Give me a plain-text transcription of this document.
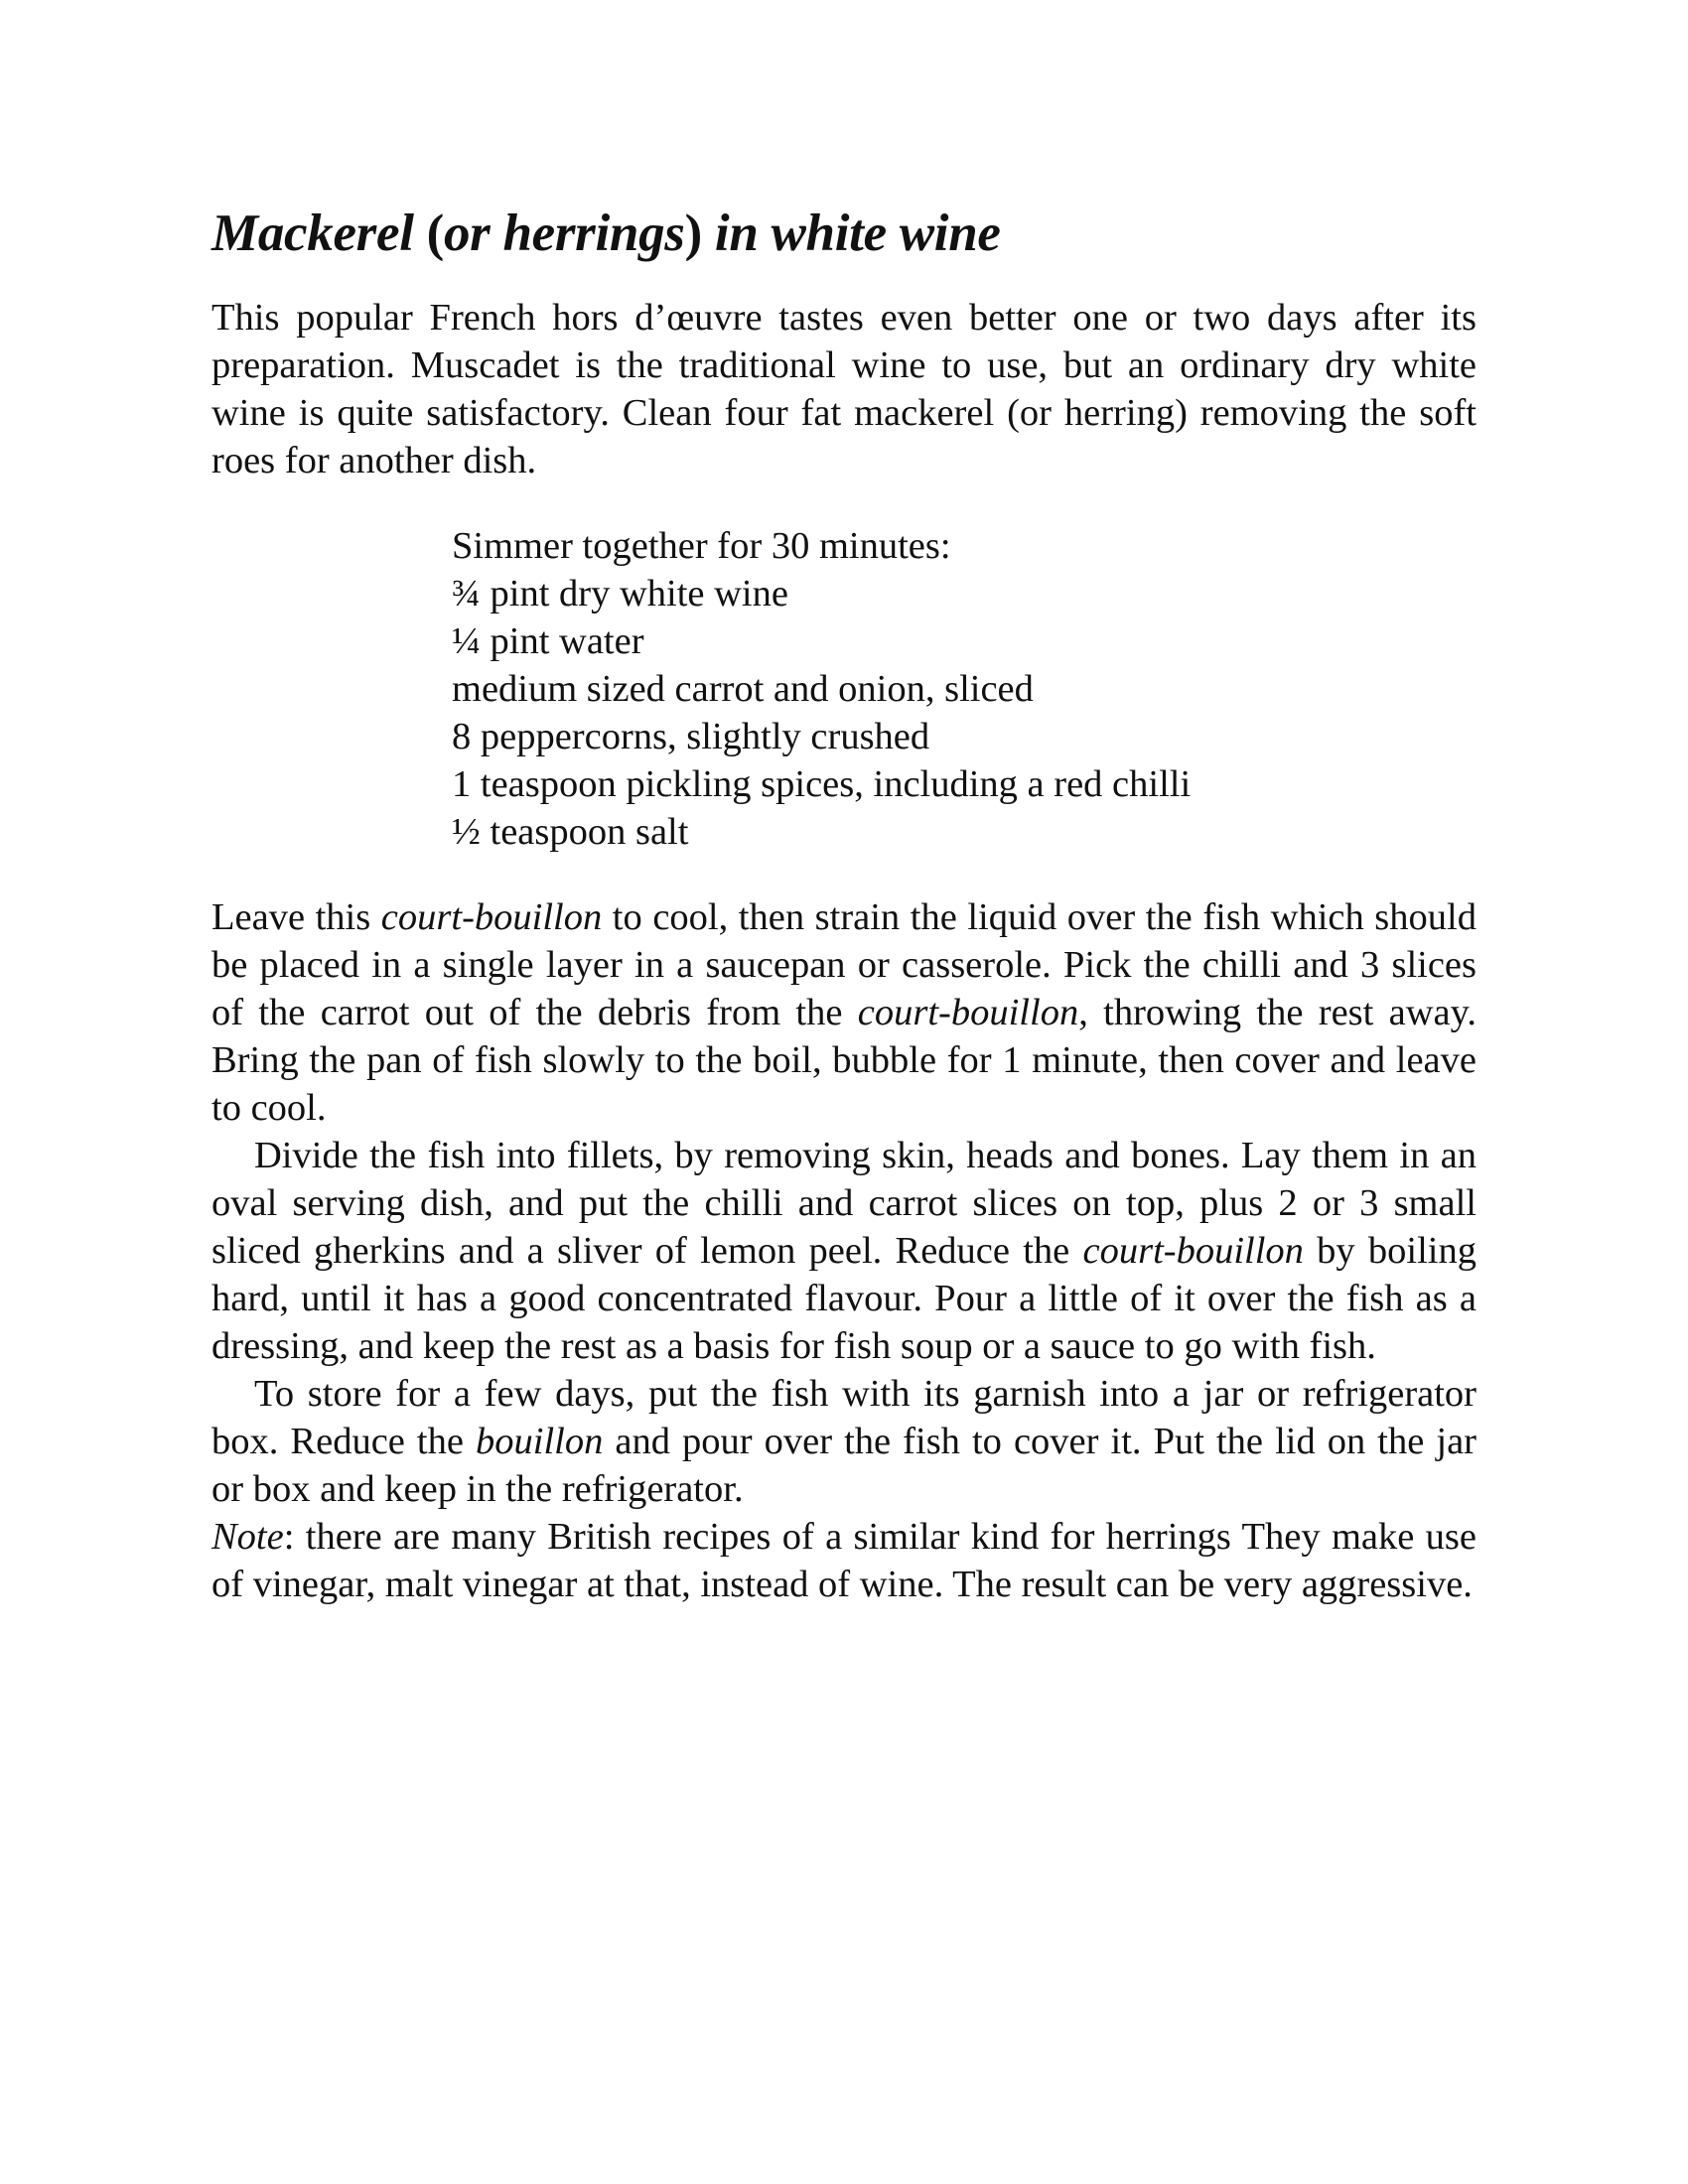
Mackerel (or herrings) in white wine

This popular French hors d’œuvre tastes even better one or two days after its preparation. Muscadet is the traditional wine to use, but an ordinary dry white wine is quite satisfactory. Clean four fat mackerel (or herring) removing the soft roes for another dish.

Simmer together for 30 minutes:
¾ pint dry white wine
¼ pint water
medium sized carrot and onion, sliced
8 peppercorns, slightly crushed
1 teaspoon pickling spices, including a red chilli
½ teaspoon salt

Leave this court-bouillon to cool, then strain the liquid over the fish which should be placed in a single layer in a saucepan or casserole. Pick the chilli and 3 slices of the carrot out of the debris from the court-bouillon, throwing the rest away. Bring the pan of fish slowly to the boil, bubble for 1 minute, then cover and leave to cool.

Divide the fish into fillets, by removing skin, heads and bones. Lay them in an oval serving dish, and put the chilli and carrot slices on top, plus 2 or 3 small sliced gherkins and a sliver of lemon peel. Reduce the court-bouillon by boiling hard, until it has a good concentrated flavour. Pour a little of it over the fish as a dressing, and keep the rest as a basis for fish soup or a sauce to go with fish.

To store for a few days, put the fish with its garnish into a jar or refrigerator box. Reduce the bouillon and pour over the fish to cover it. Put the lid on the jar or box and keep in the refrigerator.

Note: there are many British recipes of a similar kind for herrings They make use of vinegar, malt vinegar at that, instead of wine. The result can be very aggressive.
